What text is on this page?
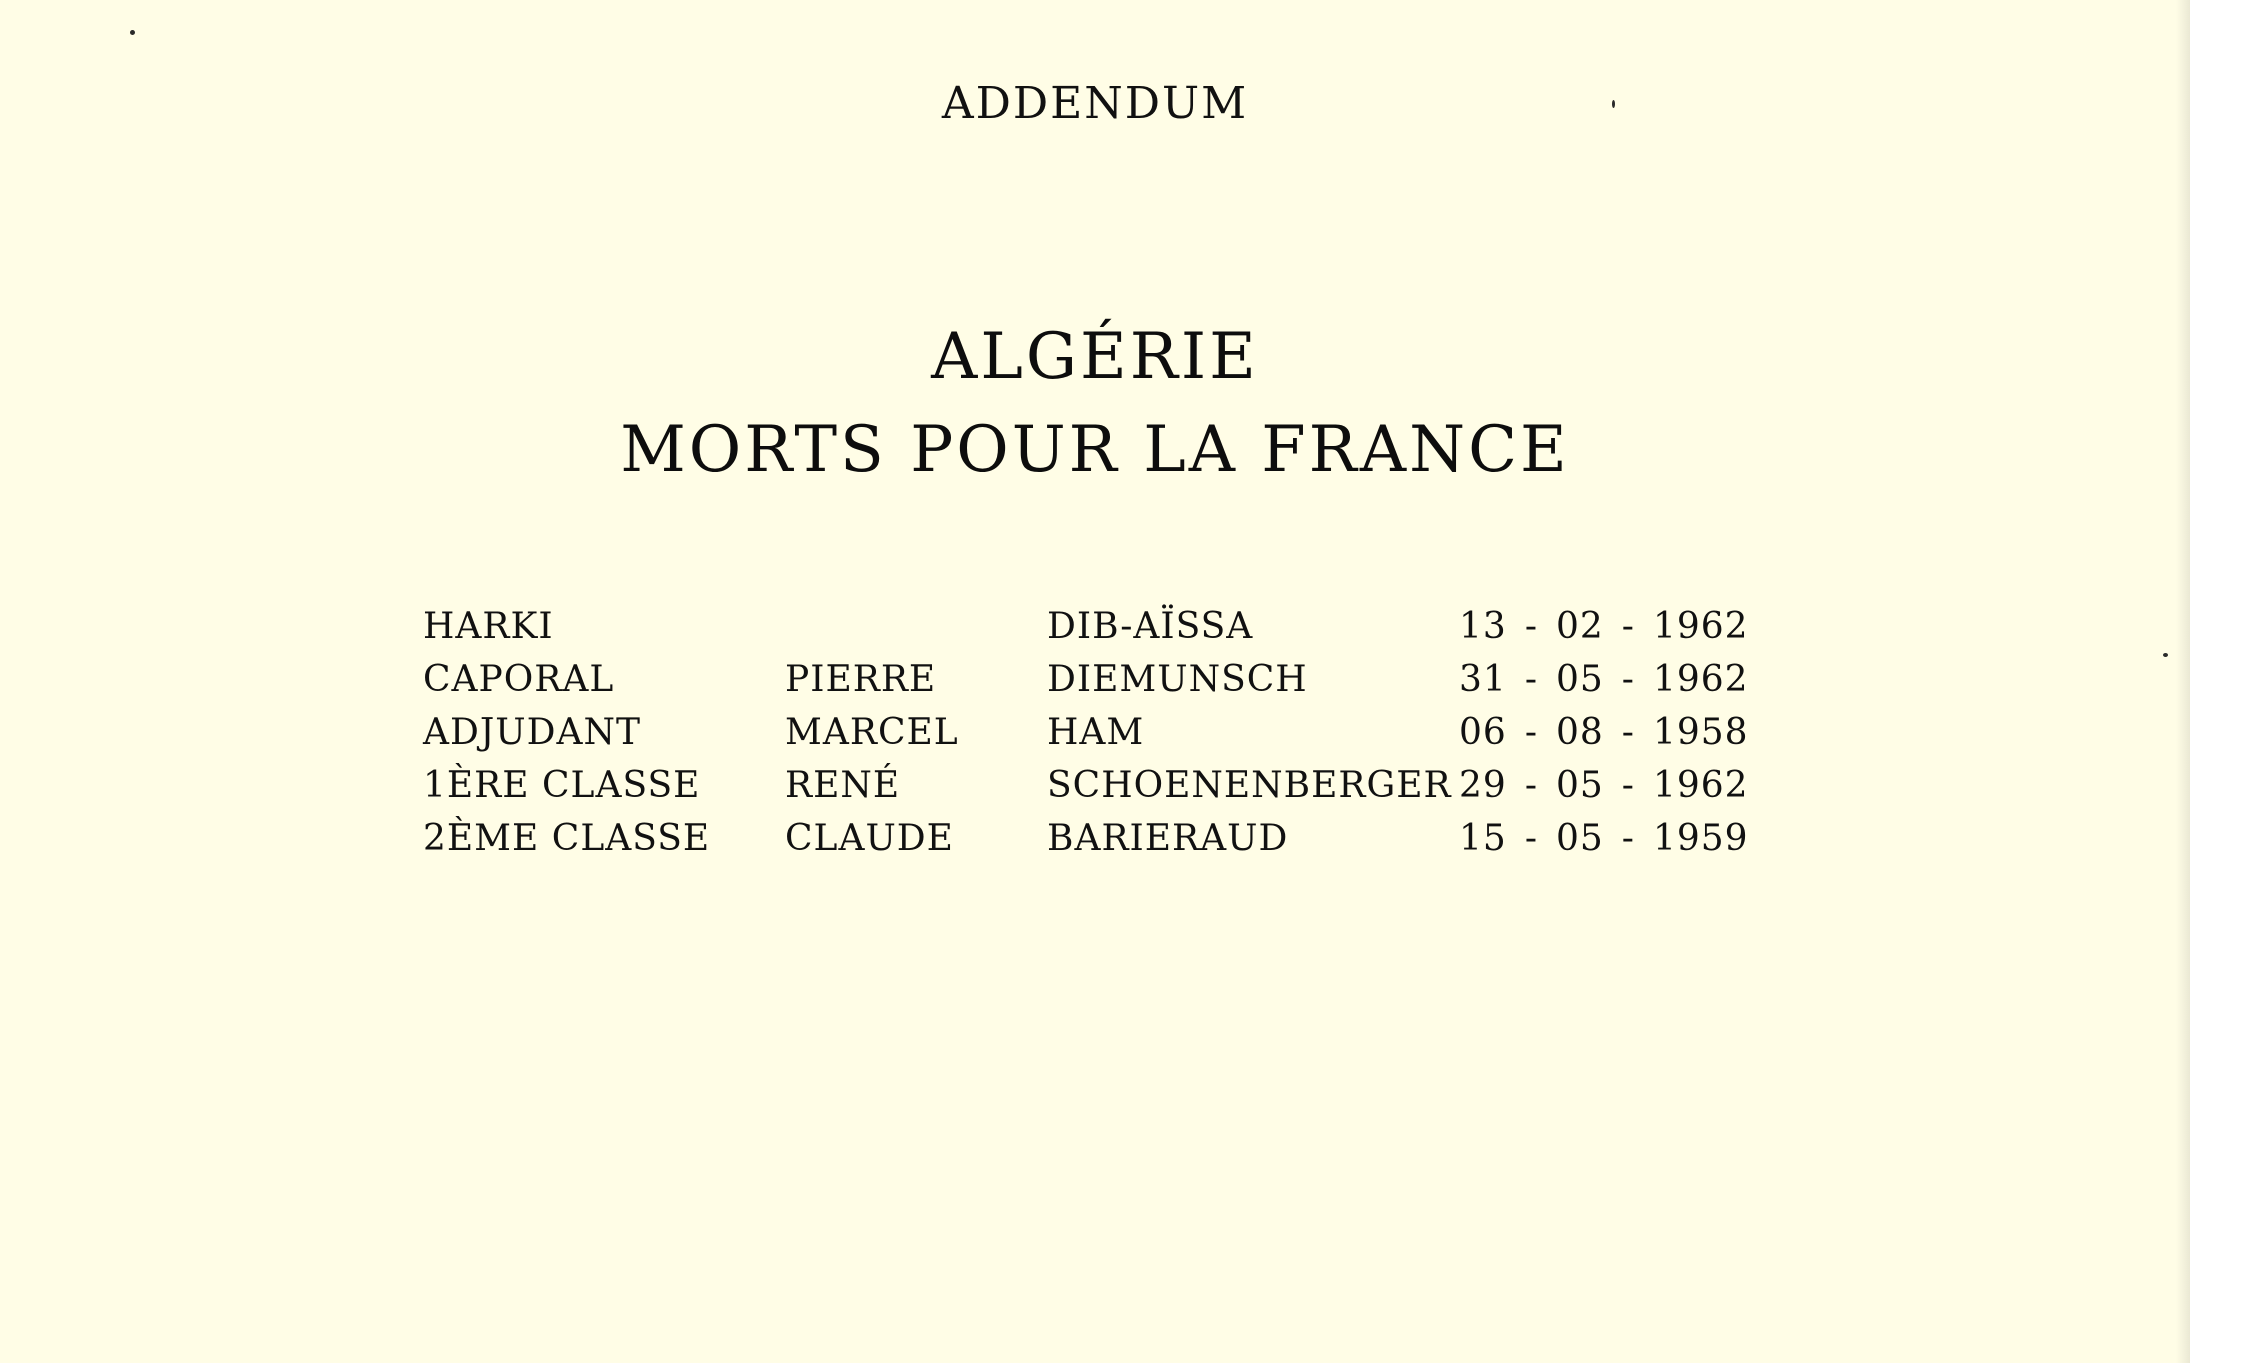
ADDENDUM
ALGÉRIE
MORTS POUR LA FRANCE
HARKI		DIB-AÏSSA	13 - 02 - 1962
CAPORAL	PIERRE	DIEMUNSCH	31 - 05 - 1962
ADJUDANT	MARCEL	HAM	06 - 08 - 1958
1ÈRE CLASSE	RENÉ	SCHOENENBERGER	29 - 05 - 1962
2ÈME CLASSE	CLAUDE	BARIERAUD	15 - 05 - 1959
